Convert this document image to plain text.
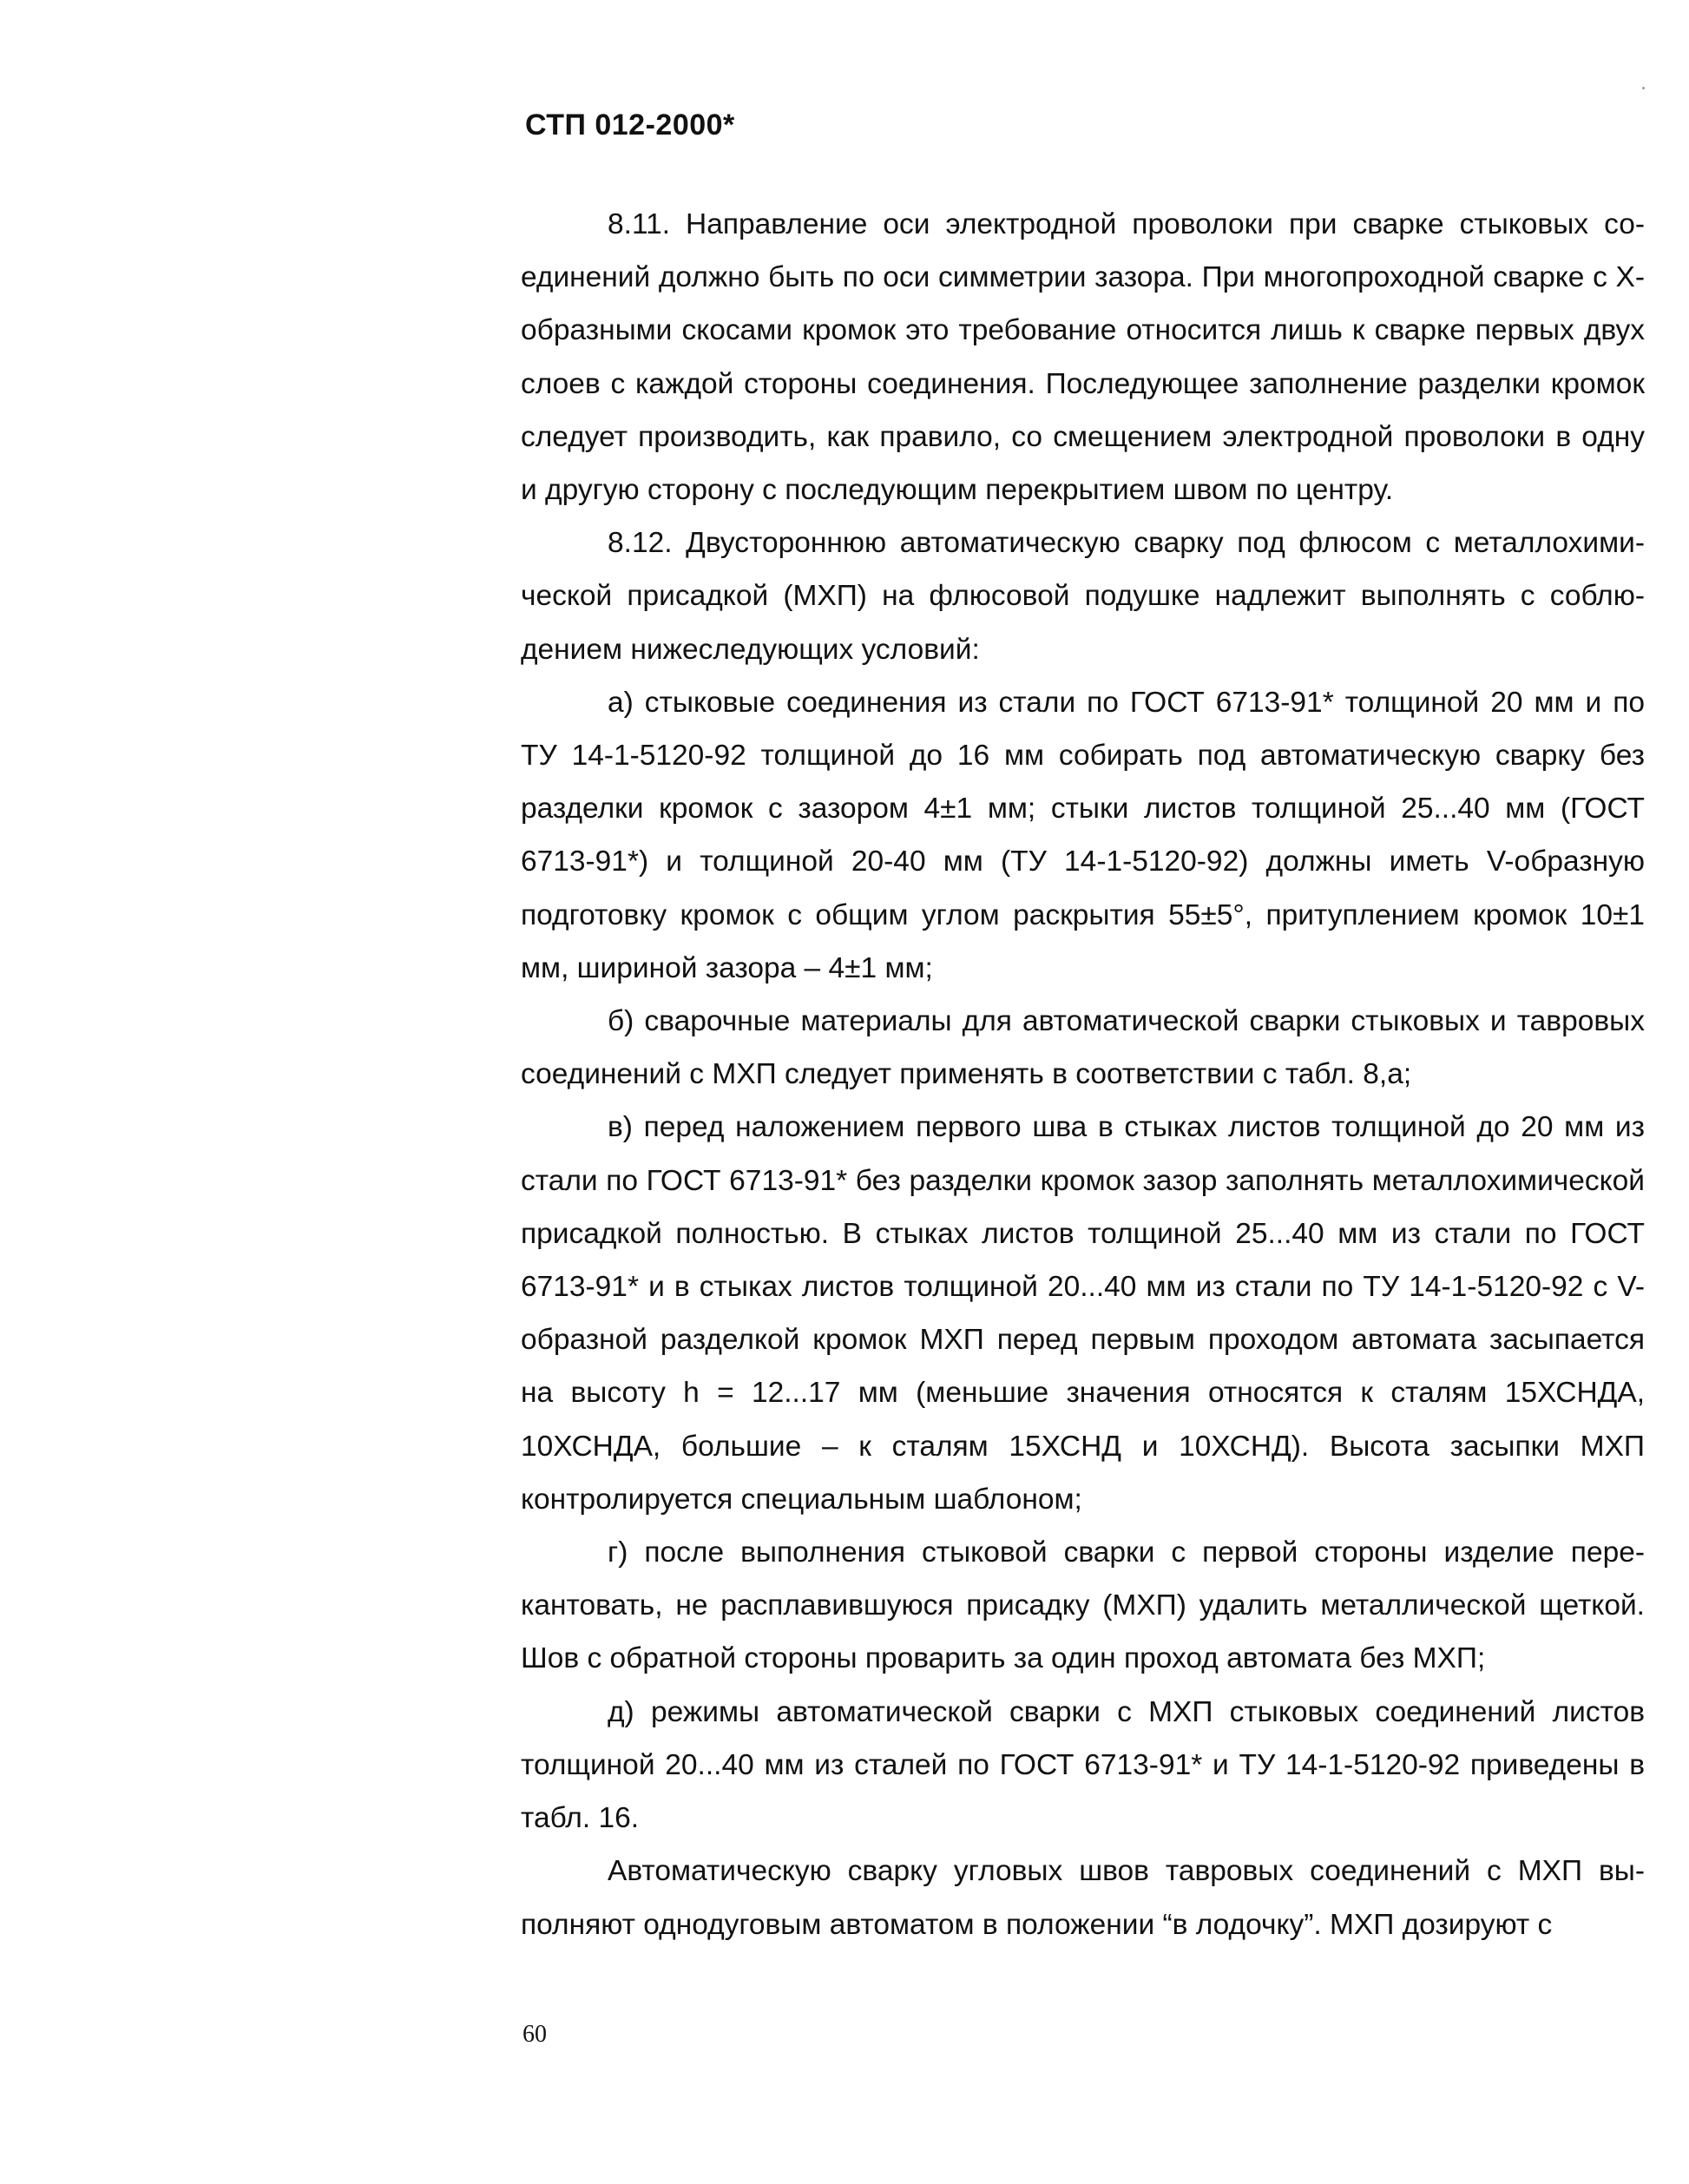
СТП 012-2000*

8.11. Направление оси электродной проволоки при сварке стыковых соединений должно быть по оси симметрии зазора. При многопроходной сварке с Х-образными скосами кромок это требование относится лишь к сварке первых двух слоев с каждой стороны соединения. Последующее заполнение разделки кромок следует производить, как правило, со смещением электродной проволоки в одну и другую сторону с последующим перекрытием швом по центру.

8.12. Двустороннюю автоматическую сварку под флюсом с металлохимической присадкой (МХП) на флюсовой подушке надлежит выполнять с соблюдением нижеследующих условий:

а) стыковые соединения из стали по ГОСТ 6713-91* толщиной 20 мм и по ТУ 14-1-5120-92 толщиной до 16 мм собирать под автоматическую сварку без разделки кромок с зазором 4±1 мм; стыки листов толщиной 25...40 мм (ГОСТ 6713-91*) и толщиной 20-40 мм (ТУ 14-1-5120-92) должны иметь V-образную подготовку кромок с общим углом раскрытия 55±5°, притуплением кромок 10±1 мм, шириной зазора – 4±1 мм;

б) сварочные материалы для автоматической сварки стыковых и тавровых соединений с МХП следует применять в соответствии с табл. 8,а;

в) перед наложением первого шва в стыках листов толщиной до 20 мм из стали по ГОСТ 6713-91* без разделки кромок зазор заполнять металлохимической присадкой полностью. В стыках листов толщиной 25...40 мм из стали по ГОСТ 6713-91* и в стыках листов толщиной 20...40 мм из стали по ТУ 14-1-5120-92 с V-образной разделкой кромок МХП перед первым проходом автомата засыпается на высоту h = 12...17 мм (меньшие значения относятся к сталям 15ХСНДА, 10ХСНДА, большие – к сталям 15ХСНД и 10ХСНД). Высота засыпки МХП контролируется специальным шаблоном;

г) после выполнения стыковой сварки с первой стороны изделие перекантовать, не расплавившуюся присадку (МХП) удалить металлической щеткой. Шов с обратной стороны проварить за один проход автомата без МХП;

д) режимы автоматической сварки с МХП стыковых соединений листов толщиной 20...40 мм из сталей по ГОСТ 6713-91* и ТУ 14-1-5120-92 приведены в табл. 16.

Автоматическую сварку угловых швов тавровых соединений с МХП выполняют однодуговым автоматом в положении “в лодочку”. МХП дозируют с

60
